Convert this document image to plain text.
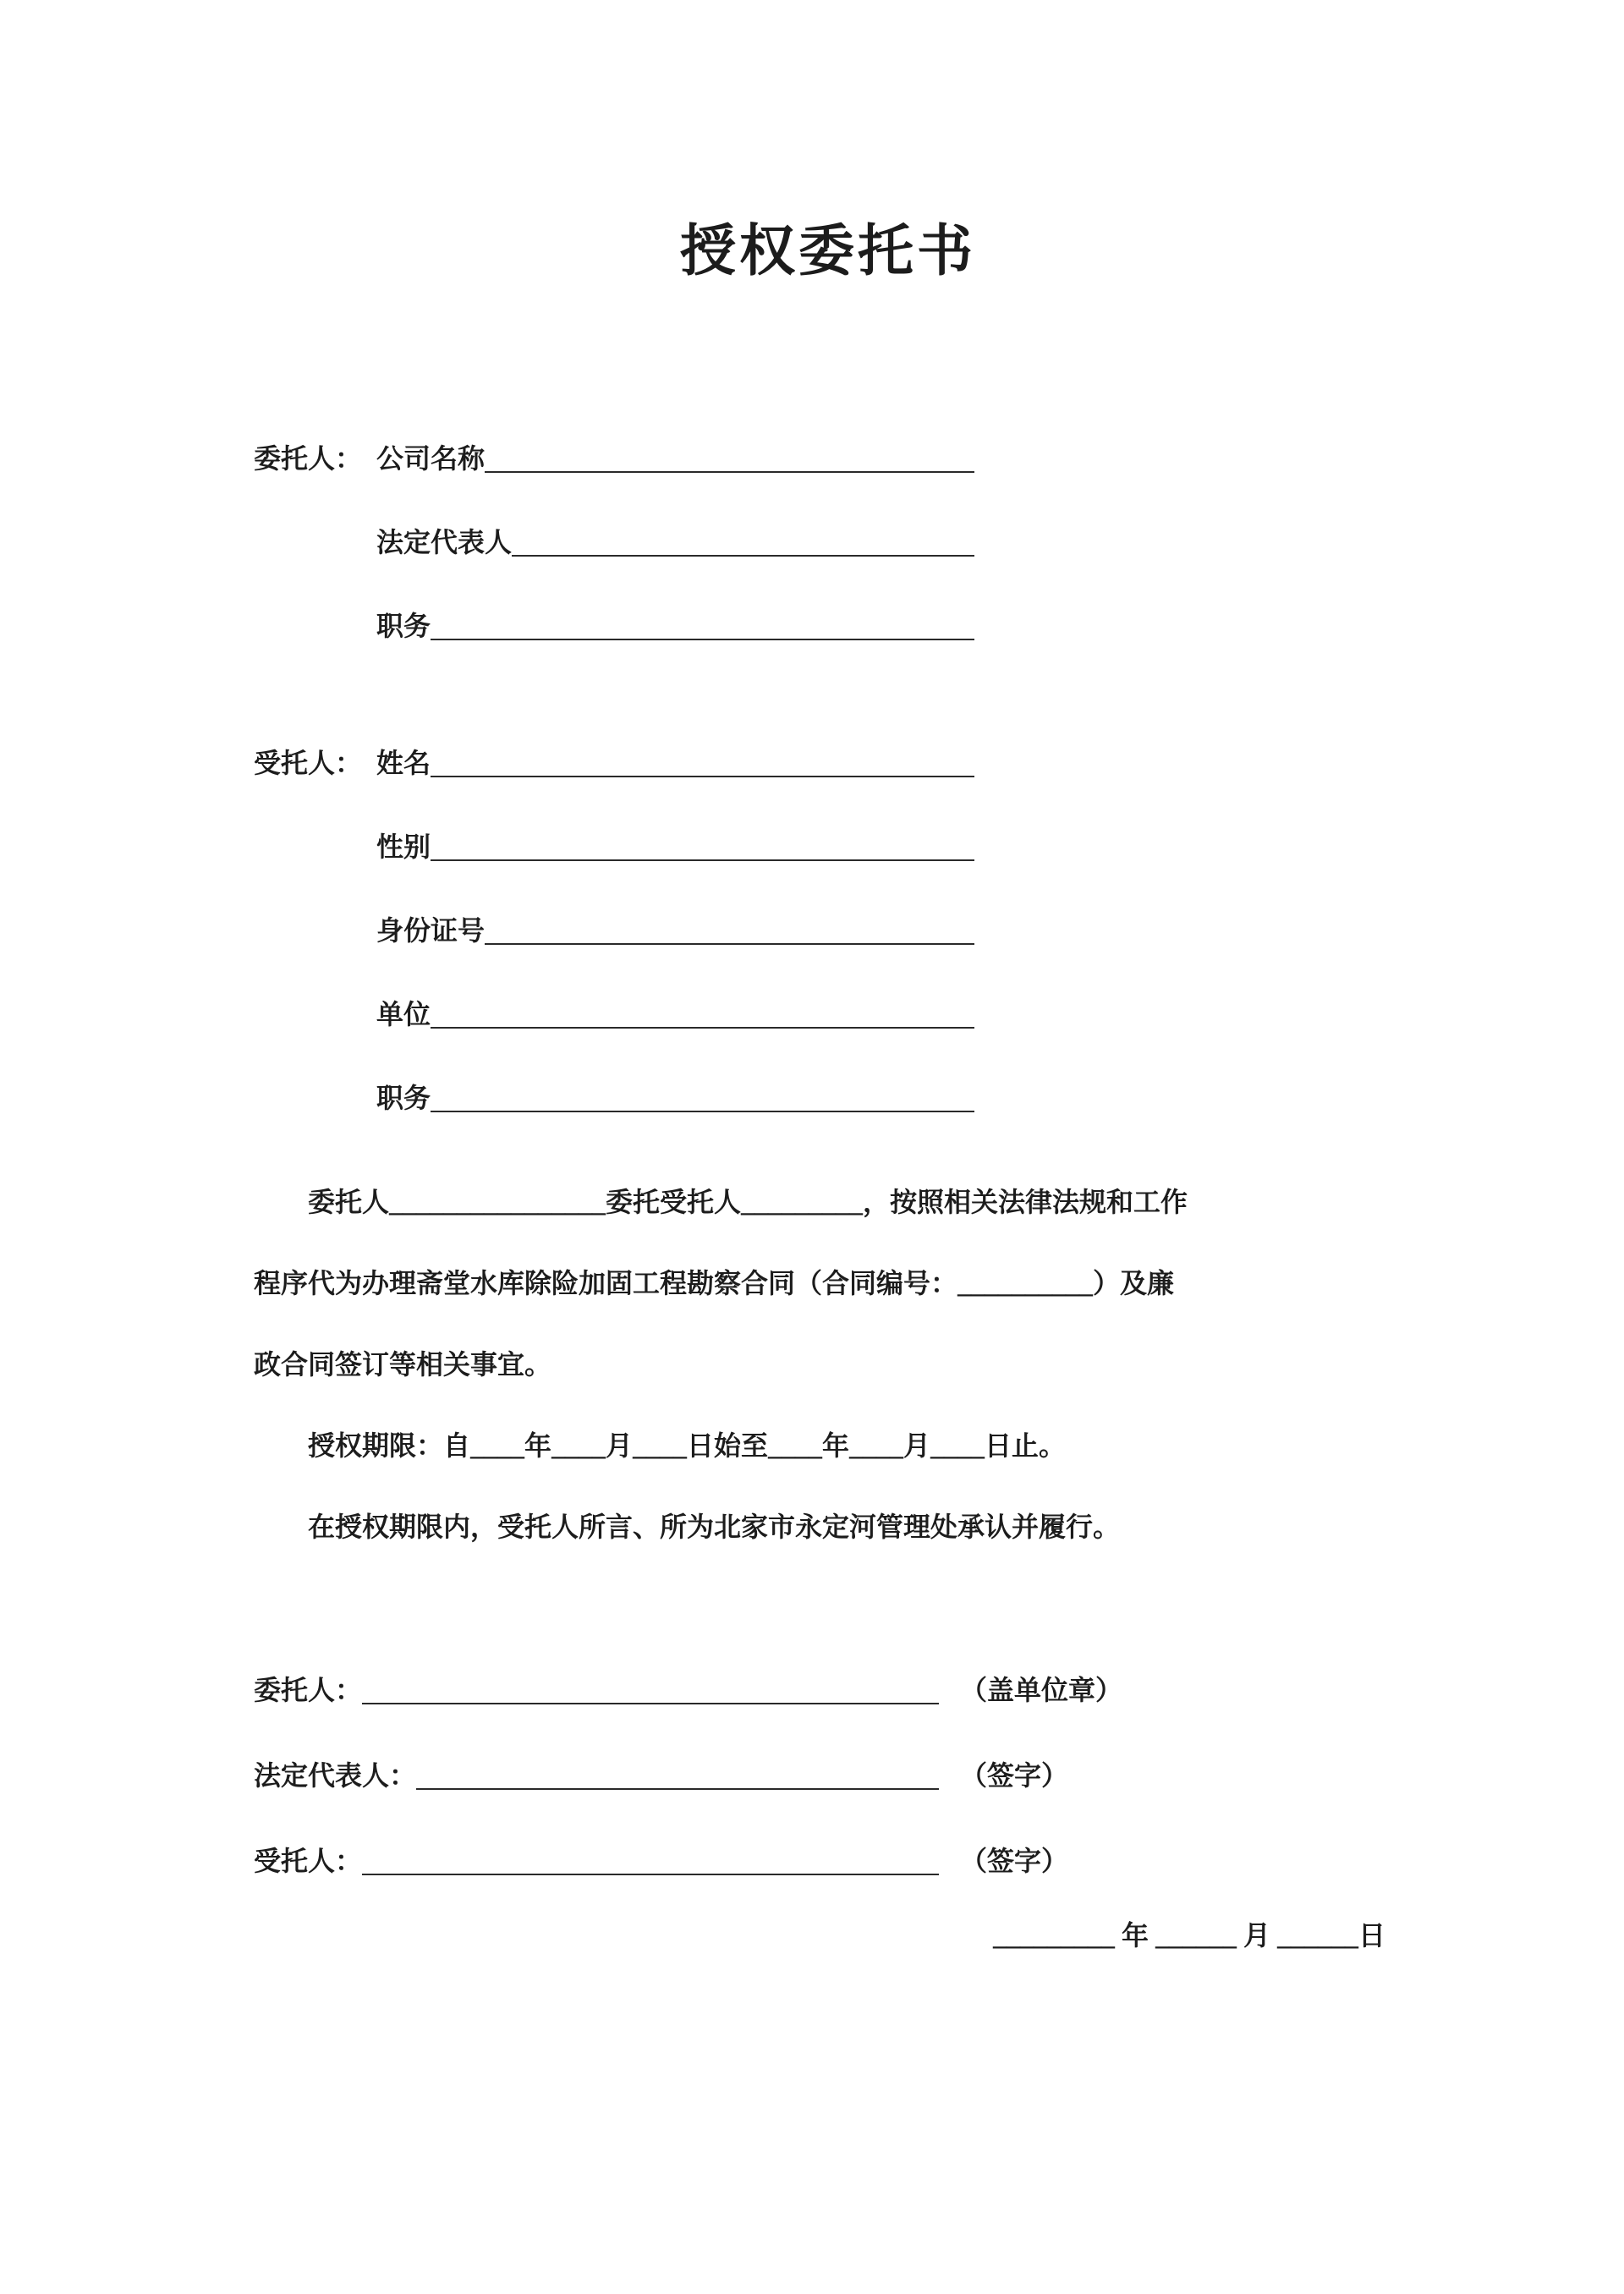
授权委托书
委托人： 公司名称
法定代表人
职务
受托人： 姓名
性别
身份证号
单位
职务

委托人________________委托受托人_________，按照相关法律法规和工作

程序代为办理斋堂水库除险加固工程勘察合同（合同编号：__________）及廉

政合同签订等相关事宜。

授权期限：自____年____月____日始至____年____月____日止。

在授权期限内，受托人所言、所为北家市永定河管理处承认并履行。

委托人：	（盖单位章）
法定代表人：	（签字）
受托人：	（签字）
_________ 年 ______ 月 ______日
